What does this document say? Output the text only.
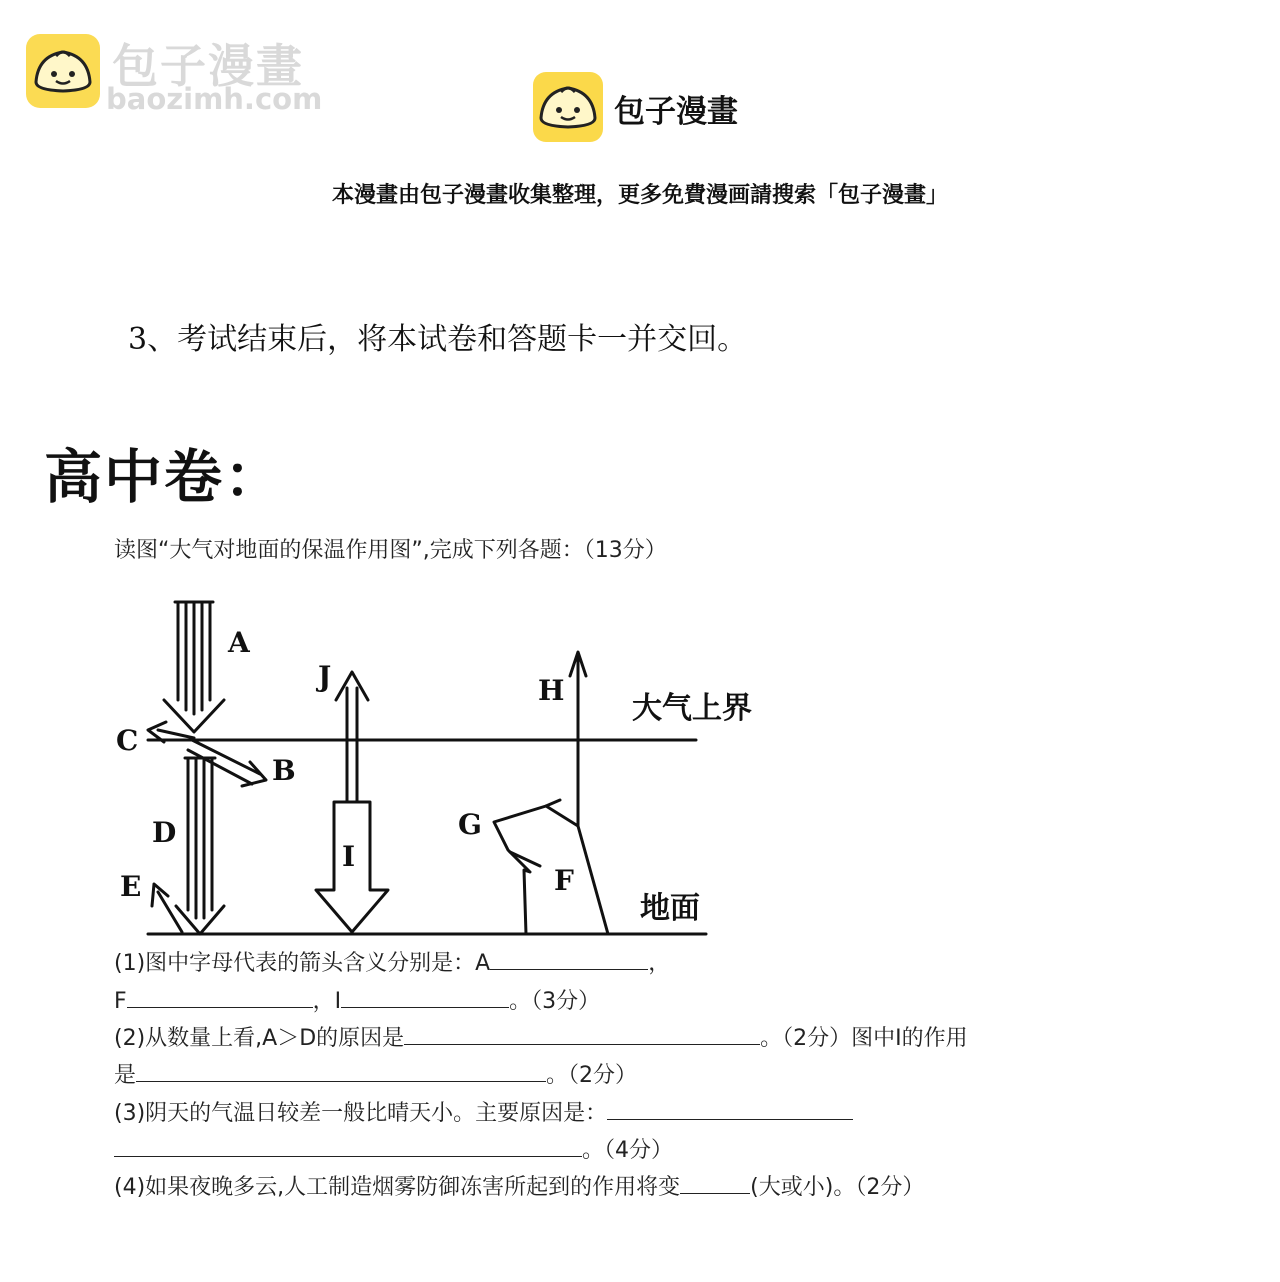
包子漫畫
baozimh.com	包子漫畫
本漫畫由包子漫畫收集整理，更多免費漫画請搜索「包子漫畫」
3、考试结束后，将本试卷和答题卡一并交回。
高中卷：
读图“大气对地面的保温作用图”,完成下列各题：（13分）
A
B
C
D
E	F
G
H
I
J
大气上界
地面
(1)图中字母代表的箭头含义分别是：A	，
F	，I	。（3分）
(2)从数量上看,A＞D的原因是	。（2分）图中I的作用
是	。（2分）
(3)阴天的气温日较差一般比晴天小。主要原因是：
。（4分）
(4)如果夜晚多云,人工制造烟雾防御冻害所起到的作用将变	(大或小)。（2分）
